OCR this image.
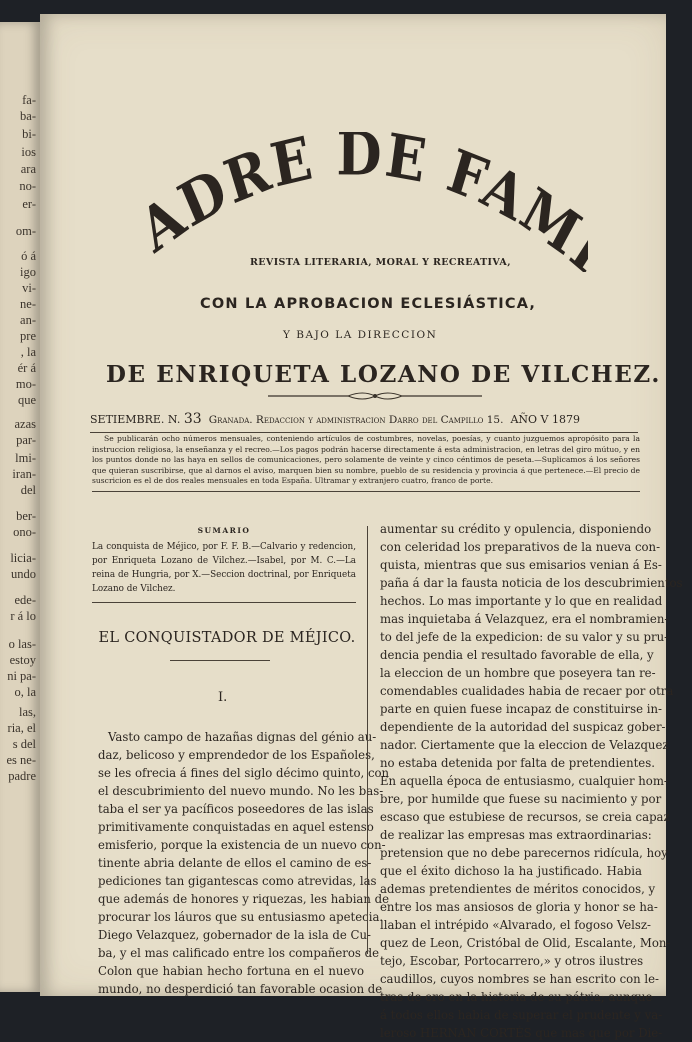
fa-
ba-
bi-
ios
ara
no-
er-
om-
ó á
igo
vi-
ne-
an-
pre
, la
ér á
mo-
que
azas
par-
lmi-
iran-
del
ber-
ono-
licia-
undo
ede-
r á lo
o las-
estoy
ni pa-
o, la
las,
ria, el
s del
es ne-
padre
ADRE DE FAM
REVISTA LITERARIA, MORAL Y RECREATIVA,
CON LA APROBACION ECLESIÁSTICA,
Y BAJO LA DIRECCION
DE ENRIQUETA LOZANO DE VILCHEZ.
SETIEMBRE. N. 33 Granada. Redaccion y administracion Darro del Campillo 15. AÑO V 1879
Se publicarán ocho números mensuales, conteniendo artículos de costumbres, novelas, poesías, y cuanto juzguemos apropósito para la instruccion religiosa, la enseñanza y el recreo.—Los pagos podrán hacerse directamente á esta administracion, en letras del giro mútuo, y en los puntos donde no las haya en sellos de comunicaciones, pero solamente de veinte y cinco céntimos de peseta.—Suplicamos á los señores que quieran suscribirse, que al darnos el aviso, marquen bien su nombre, pueblo de su residencia y provincia á que pertenece.—El precio de suscricion es el de dos reales mensuales en toda España. Ultramar y extranjero cuatro, franco de porte.
SUMARIO
La conquista de Méjico, por F. F. B.—Calvario y redencion, por Enriqueta Lozano de Vilchez.—Isabel, por M. C.—La reina de Hungria, por X.—Seccion doctrinal, por Enriqueta Lozano de Vilchez.
EL CONQUISTADOR DE MÉJICO.
I.
Vasto campo de hazañas dignas del génio au-
daz, belicoso y emprendedor de los Españoles,
se les ofrecia á fines del siglo décimo quinto, con
el descubrimiento del nuevo mundo. No les bas-
taba el ser ya pacíficos poseedores de las islas
primitivamente conquistadas en aquel estenso
emisferio, porque la existencia de un nuevo con-
tinente abria delante de ellos el camino de es-
pediciones tan gigantescas como atrevidas, las
que además de honores y riquezas, les habian de
procurar los láuros que su entusiasmo apetecia.
Diego Velazquez, gobernador de la isla de Cu-
ba, y el mas calificado entre los compañeros de
Colon que habian hecho fortuna en el nuevo
mundo, no desperdició tan favorable ocasion de
aumentar su crédito y opulencia, disponiendo
con celeridad los preparativos de la nueva con-
quista, mientras que sus emisarios venian á Es-
paña á dar la fausta noticia de los descubrimientos
hechos. Lo mas importante y lo que en realidad
mas inquietaba á Velazquez, era el nombramien-
to del jefe de la expedicion: de su valor y su pru-
dencia pendia el resultado favorable de ella, y
la eleccion de un hombre que poseyera tan re-
comendables cualidades habia de recaer por otra
parte en quien fuese incapaz de constituirse in-
dependiente de la autoridad del suspicaz gober-
nador. Ciertamente que la eleccion de Velazquez
no estaba detenida por falta de pretendientes.
En aquella época de entusiasmo, cualquier hom-
bre, por humilde que fuese su nacimiento y por
escaso que estubiese de recursos, se creia capaz
de realizar las empresas mas extraordinarias:
pretension que no debe parecernos ridícula, hoy
que el éxito dichoso la ha justificado. Habia
ademas pretendientes de méritos conocidos, y
entre los mas ansiosos de gloria y honor se ha-
llaban el intrépido «Alvarado, el fogoso Velsz-
quez de Leon, Cristóbal de Olid, Escalante, Mon-
tejo, Escobar, Portocarrero,» y otros ilustres
caudillos, cuyos nombres se han escrito con le-
tras de oro en la historia de su pátria; aunque
á todos ellos habia de superar el prudente y va-
leroso HERNAN CORTÉS que mas que por Die-
